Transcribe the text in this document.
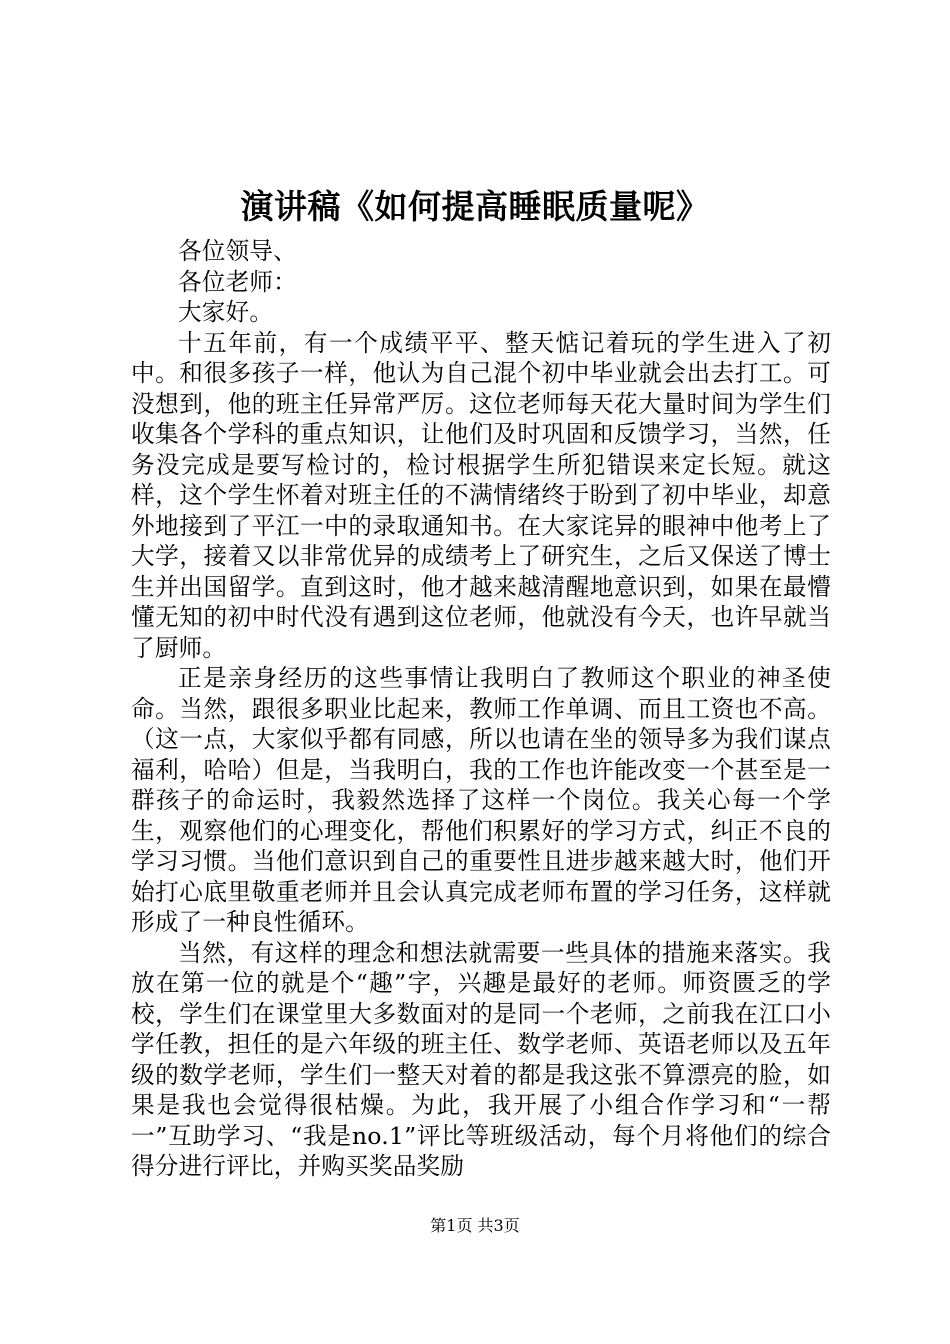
演讲稿《如何提高睡眠质量呢》

各位领导、

各位老师：

大家好。

十五年前，有一个成绩平平、整天惦记着玩的学生进入了初中。和很多孩子一样，他认为自己混个初中毕业就会出去打工。可没想到，他的班主任异常严厉。这位老师每天花大量时间为学生们收集各个学科的重点知识，让他们及时巩固和反馈学习，当然，任务没完成是要写检讨的，检讨根据学生所犯错误来定长短。就这样，这个学生怀着对班主任的不满情绪终于盼到了初中毕业，却意外地接到了平江一中的录取通知书。在大家诧异的眼神中他考上了大学，接着又以非常优异的成绩考上了研究生，之后又保送了博士生并出国留学。直到这时，他才越来越清醒地意识到，如果在最懵懂无知的初中时代没有遇到这位老师，他就没有今天，也许早就当了厨师。

正是亲身经历的这些事情让我明白了教师这个职业的神圣使命。当然，跟很多职业比起来，教师工作单调、而且工资也不高。（这一点，大家似乎都有同感，所以也请在坐的领导多为我们谋点福利，哈哈）但是，当我明白，我的工作也许能改变一个甚至是一群孩子的命运时，我毅然选择了这样一个岗位。我关心每一个学生，观察他们的心理变化，帮他们积累好的学习方式，纠正不良的学习习惯。当他们意识到自己的重要性且进步越来越大时，他们开始打心底里敬重老师并且会认真完成老师布置的学习任务，这样就形成了一种良性循环。

当然，有这样的理念和想法就需要一些具体的措施来落实。我放在第一位的就是个“趣”字，兴趣是最好的老师。师资匮乏的学校，学生们在课堂里大多数面对的是同一个老师，之前我在江口小学任教，担任的是六年级的班主任、数学老师、英语老师以及五年级的数学老师，学生们一整天对着的都是我这张不算漂亮的脸，如果是我也会觉得很枯燥。为此，我开展了小组合作学习和“一帮一”互助学习、“我是no.1”评比等班级活动，每个月将他们的综合得分进行评比，并购买奖品奖励

第1页 共3页
